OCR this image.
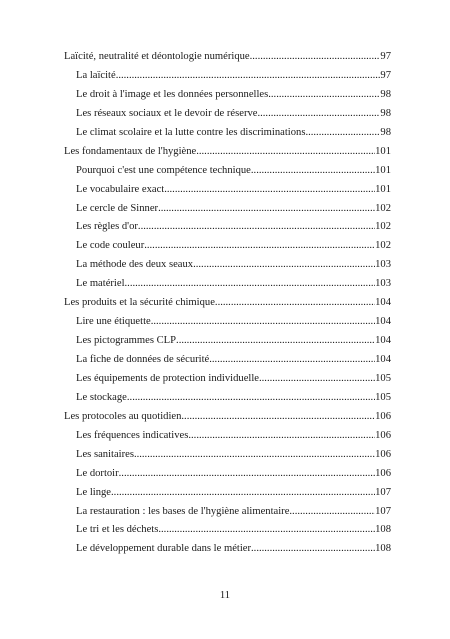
Laïcité, neutralité et déontologie numérique .....	97
La laïcité .....	97
Le droit à l'image et les données personnelles .....	98
Les réseaux sociaux et le devoir de réserve .....	98
Le climat scolaire et la lutte contre les discriminations .....	98
Les fondamentaux de l'hygiène .....	101
Pourquoi c'est une compétence technique .....	101
Le vocabulaire exact .....	101
Le cercle de Sinner .....	102
Les règles d'or .....	102
Le code couleur .....	102
La méthode des deux seaux .....	103
Le matériel .....	103
Les produits et la sécurité chimique .....	104
Lire une étiquette .....	104
Les pictogrammes CLP .....	104
La fiche de données de sécurité .....	104
Les équipements de protection individuelle .....	105
Le stockage .....	105
Les protocoles au quotidien .....	106
Les fréquences indicatives .....	106
Les sanitaires .....	106
Le dortoir .....	106
Le linge .....	107
La restauration : les bases de l'hygiène alimentaire .....	107
Le tri et les déchets .....	108
Le développement durable dans le métier .....	108
11
